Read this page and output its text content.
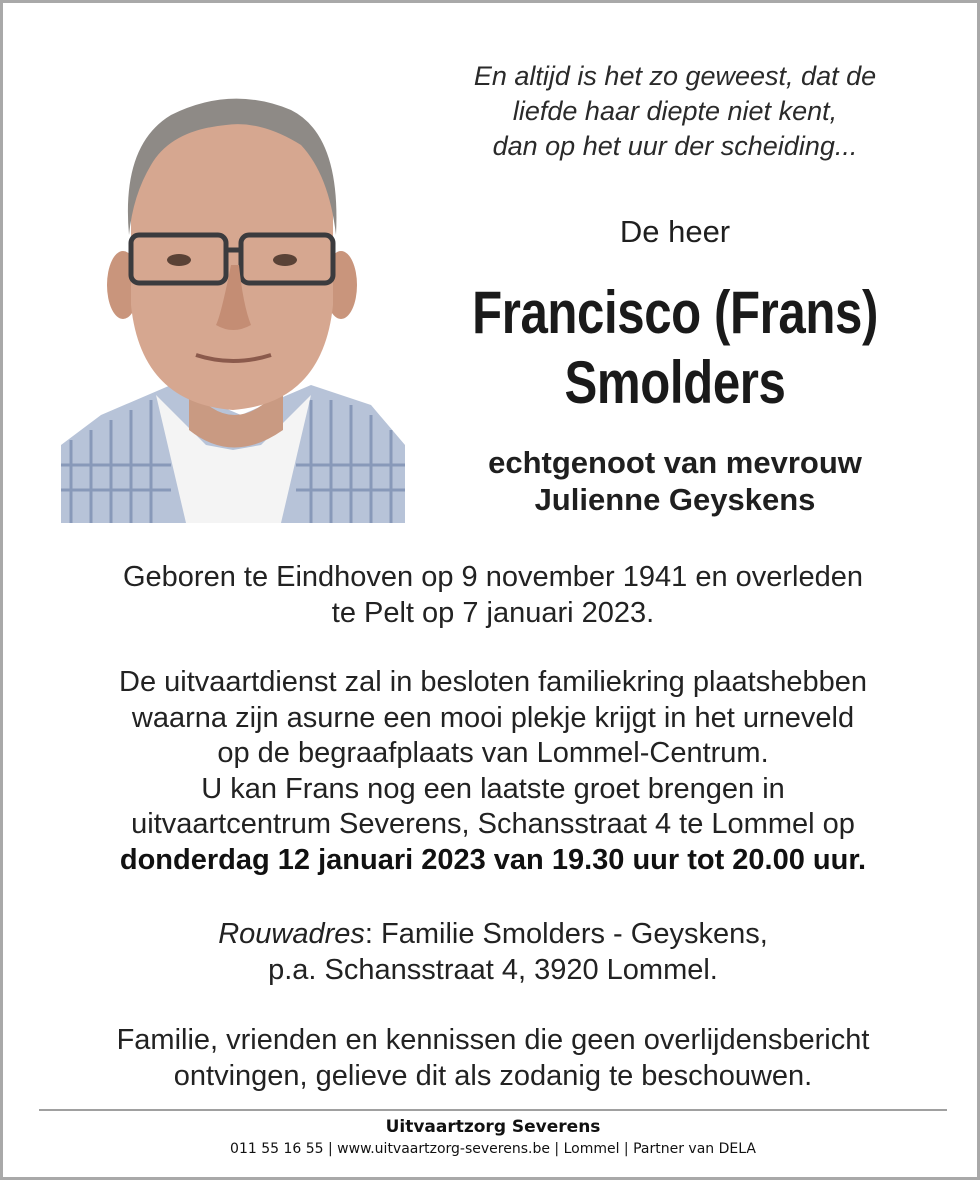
En altijd is het zo geweest, dat de
liefde haar diepte niet kent,
dan op het uur der scheiding...

De heer
Francisco (Frans)
Smolders
echtgenoot van mevrouw
Julienne Geyskens
Geboren te Eindhoven op 9 november 1941 en overleden
te Pelt op 7 januari 2023.
De uitvaartdienst zal in besloten familiekring plaatshebben
waarna zijn asurne een mooi plekje krijgt in het urneveld
op de begraafplaats van Lommel-Centrum.
U kan Frans nog een laatste groet brengen in
uitvaartcentrum Severens, Schansstraat 4 te Lommel op
donderdag 12 januari 2023 van 19.30 uur tot 20.00 uur.
Rouwadres: Familie Smolders - Geyskens,
p.a. Schansstraat 4, 3920 Lommel.
Familie, vrienden en kennissen die geen overlijdensbericht
ontvingen, gelieve dit als zodanig te beschouwen.
Uitvaartzorg Severens
011 55 16 55 | www.uitvaartzorg-severens.be | Lommel | Partner van DELA
